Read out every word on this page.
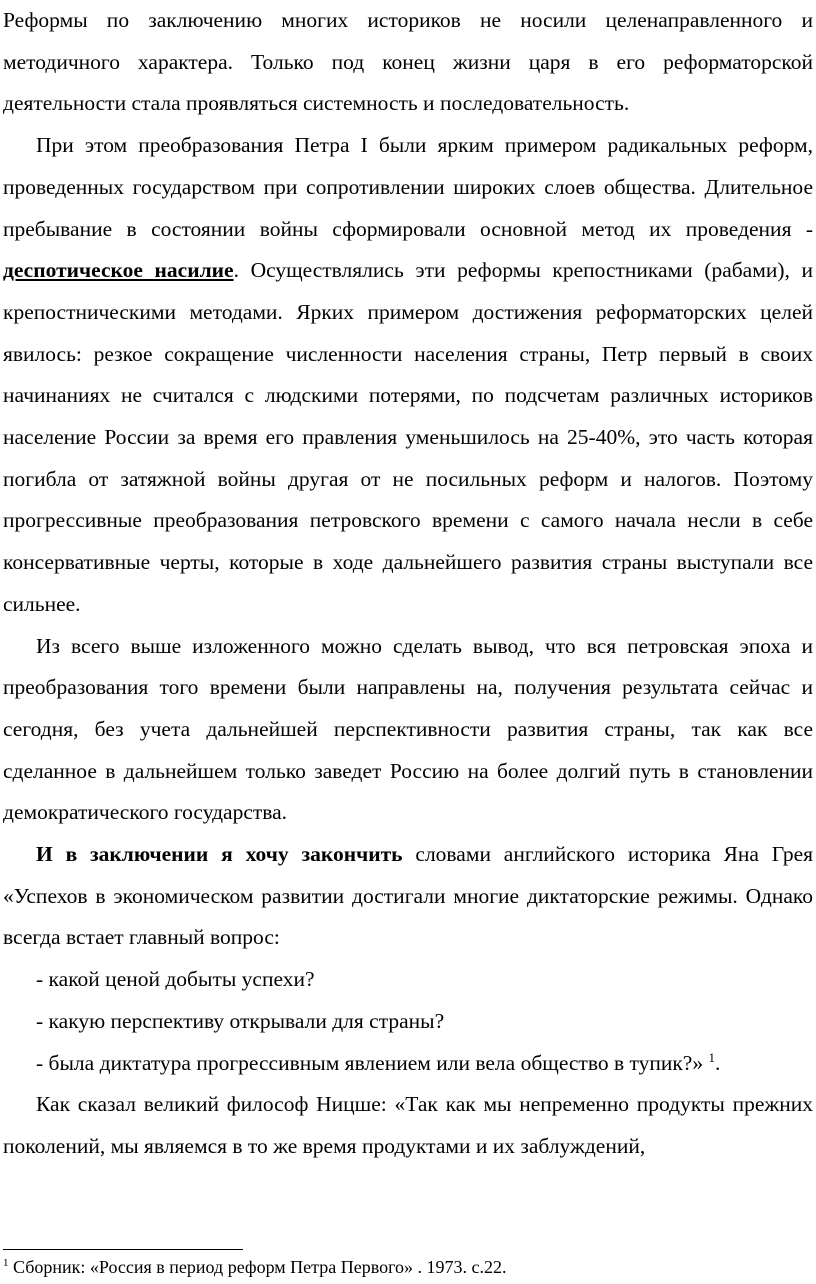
Реформы по заключению многих историков не носили целенаправленного и методичного характера. Только под конец жизни царя в его реформаторской деятельности стала проявляться системность и последовательность.

При этом преобразования Петра I были ярким примером радикальных реформ, проведенных государством при сопротивлении широких слоев общества. Длительное пребывание в состоянии войны сформировали основной метод их проведения - деспотическое насилие. Осуществлялись эти реформы крепостниками (рабами), и крепостническими методами. Ярких примером достижения реформаторских целей явилось: резкое сокращение численности населения страны, Петр первый в своих начинаниях не считался с людскими потерями, по подсчетам различных историков население России за время его правления уменьшилось на 25-40%, это часть которая погибла от затяжной войны другая от не посильных реформ и налогов. Поэтому прогрессивные преобразования петровского времени с самого начала несли в себе консервативные черты, которые в ходе дальнейшего развития страны выступали все сильнее.

Из всего выше изложенного можно сделать вывод, что вся петровская эпоха и преобразования того времени были направлены на, получения результата сейчас и сегодня, без учета дальнейшей перспективности развития страны, так как все сделанное в дальнейшем только заведет Россию на более долгий путь в становлении демократического государства.

И в заключении я хочу закончить словами английского историка Яна Грея «Успехов в экономическом развитии достигали многие диктаторские режимы. Однако всегда встает главный вопрос:

- какой ценой добыты успехи?

- какую перспективу открывали для страны?

- была диктатура прогрессивным явлением или вела общество в тупик?» $^1$.

Как сказал великий философ Ницше: «Так как мы непременно продукты прежних поколений, мы являемся в то же время продуктами и их заблуждений,

$^1$ Сборник: «Россия в период реформ Петра Первого» . 1973. с.22.
